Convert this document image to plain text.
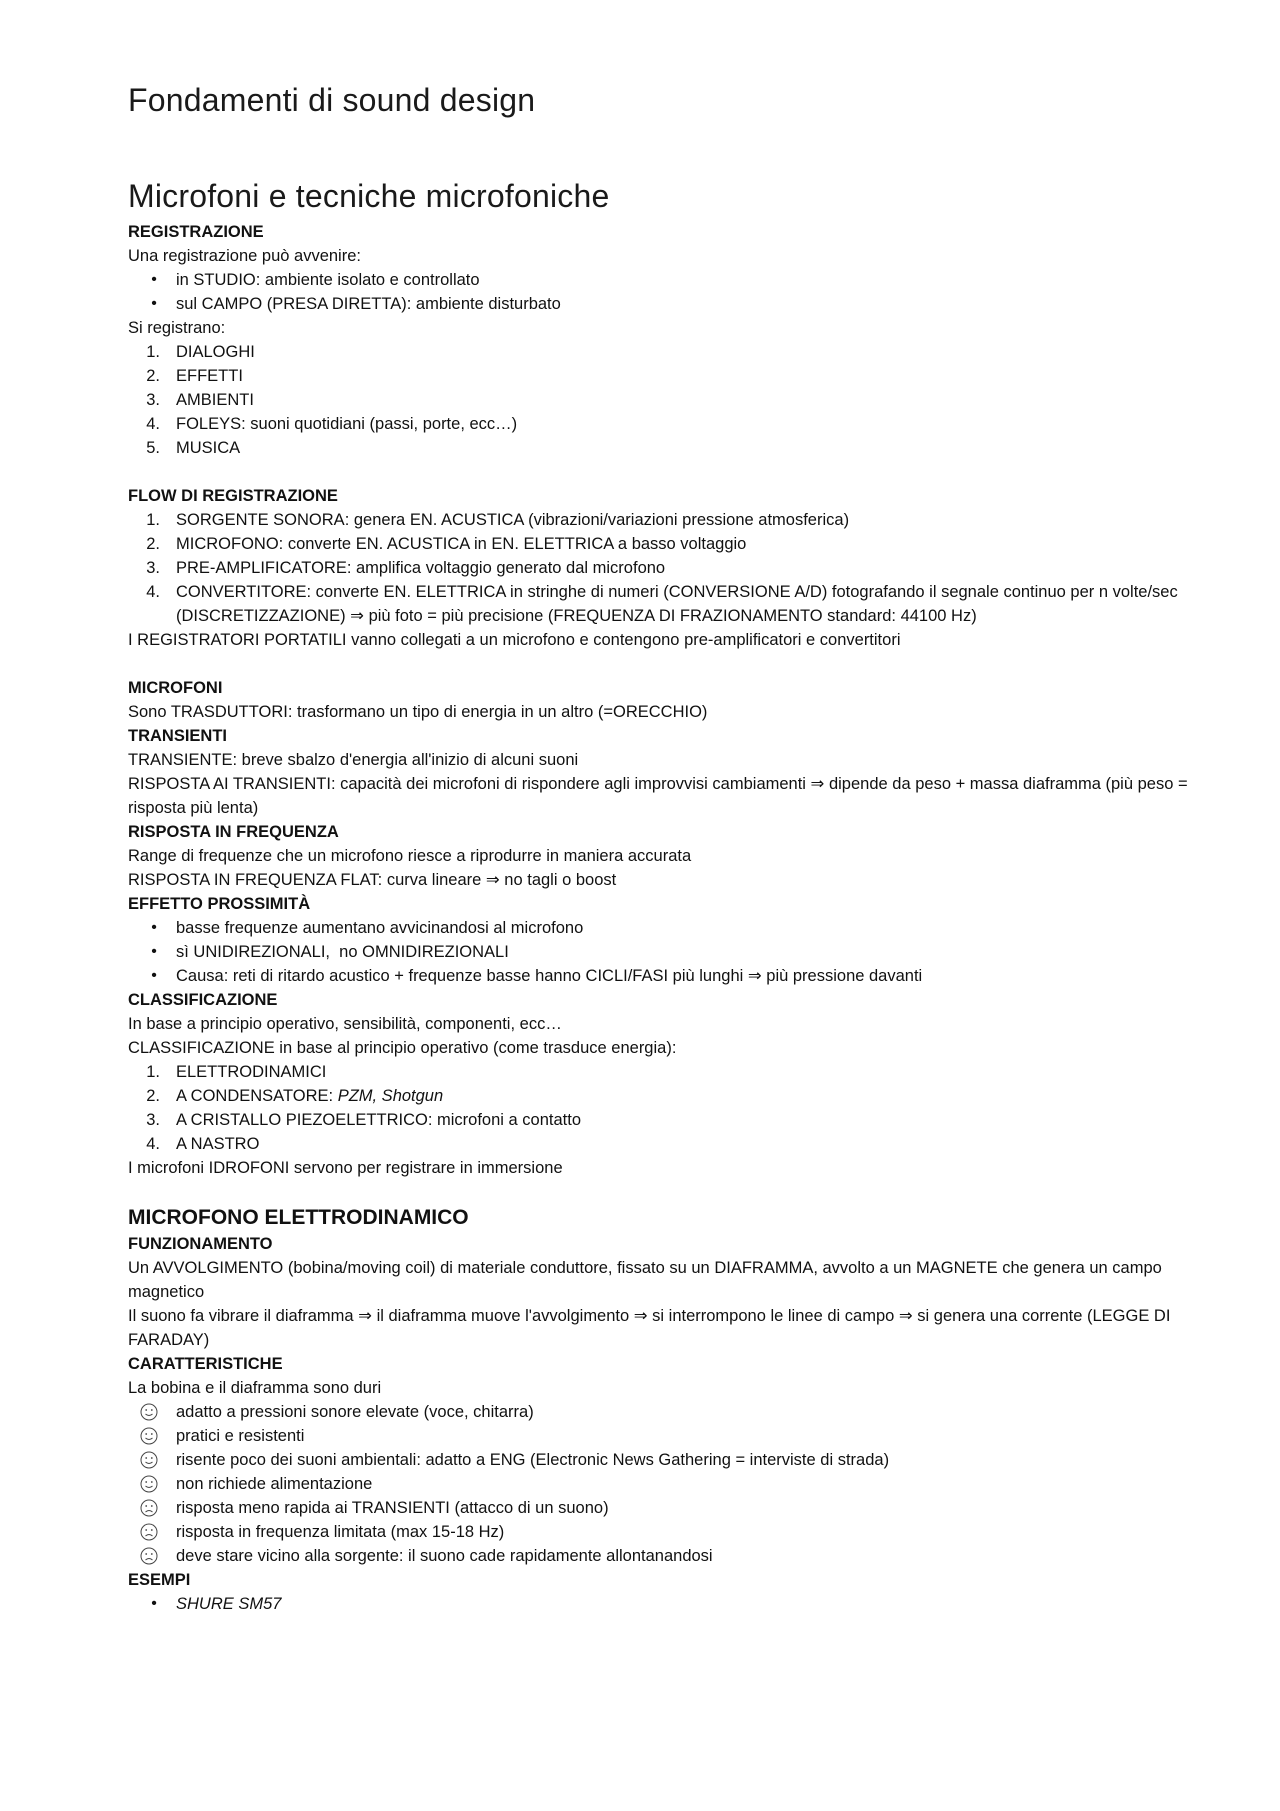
Fondamenti di sound design
Microfoni e tecniche microfoniche
REGISTRAZIONE
Una registrazione può avvenire:
• in STUDIO: ambiente isolato e controllato
• sul CAMPO (PRESA DIRETTA): ambiente disturbato
Si registrano:
1. DIALOGHI
2. EFFETTI
3. AMBIENTI
4. FOLEYS: suoni quotidiani (passi, porte, ecc…)
5. MUSICA
FLOW DI REGISTRAZIONE
1. SORGENTE SONORA: genera EN. ACUSTICA (vibrazioni/variazioni pressione atmosferica)
2. MICROFONO: converte EN. ACUSTICA in EN. ELETTRICA a basso voltaggio
3. PRE-AMPLIFICATORE: amplifica voltaggio generato dal microfono
4. CONVERTITORE: converte EN. ELETTRICA in stringhe di numeri (CONVERSIONE A/D) fotografando il segnale continuo per n volte/sec (DISCRETIZZAZIONE) ⇒ più foto = più precisione (FREQUENZA DI FRAZIONAMENTO standard: 44100 Hz)
I REGISTRATORI PORTATILI vanno collegati a un microfono e contengono pre-amplificatori e convertitori
MICROFONI
Sono TRASDUTTORI: trasformano un tipo di energia in un altro (=ORECCHIO)
TRANSIENTI
TRANSIENTE: breve sbalzo d'energia all'inizio di alcuni suoni
RISPOSTA AI TRANSIENTI: capacità dei microfoni di rispondere agli improvvisi cambiamenti ⇒ dipende da peso + massa diaframma (più peso = risposta più lenta)
RISPOSTA IN FREQUENZA
Range di frequenze che un microfono riesce a riprodurre in maniera accurata
RISPOSTA IN FREQUENZA FLAT: curva lineare ⇒ no tagli o boost
EFFETTO PROSSIMITÀ
• basse frequenze aumentano avvicinandosi al microfono
• sì UNIDIREZIONALI,  no OMNIDIREZIONALI
• Causa: reti di ritardo acustico + frequenze basse hanno CICLI/FASI più lunghi ⇒ più pressione davanti
CLASSIFICAZIONE
In base a principio operativo, sensibilità, componenti, ecc…
CLASSIFICAZIONE in base al principio operativo (come trasduce energia):
1. ELETTRODINAMICI
2. A CONDENSATORE: PZM, Shotgun
3. A CRISTALLO PIEZOELETTRICO: microfoni a contatto
4. A NASTRO
I microfoni IDROFONI servono per registrare in immersione
MICROFONO ELETTRODINAMICO
FUNZIONAMENTO
Un AVVOLGIMENTO (bobina/moving coil) di materiale conduttore, fissato su un DIAFRAMMA, avvolto a un MAGNETE che genera un campo magnetico
Il suono fa vibrare il diaframma ⇒ il diaframma muove l'avvolgimento ⇒ si interrompono le linee di campo ⇒ si genera una corrente (LEGGE DI FARADAY)
CARATTERISTICHE
La bobina e il diaframma sono duri
adatto a pressioni sonore elevate (voce, chitarra)
pratici e resistenti
risente poco dei suoni ambientali: adatto a ENG (Electronic News Gathering = interviste di strada)
non richiede alimentazione
risposta meno rapida ai TRANSIENTI (attacco di un suono)
risposta in frequenza limitata (max 15-18 Hz)
deve stare vicino alla sorgente: il suono cade rapidamente allontanandosi
ESEMPI
• SHURE SM57
